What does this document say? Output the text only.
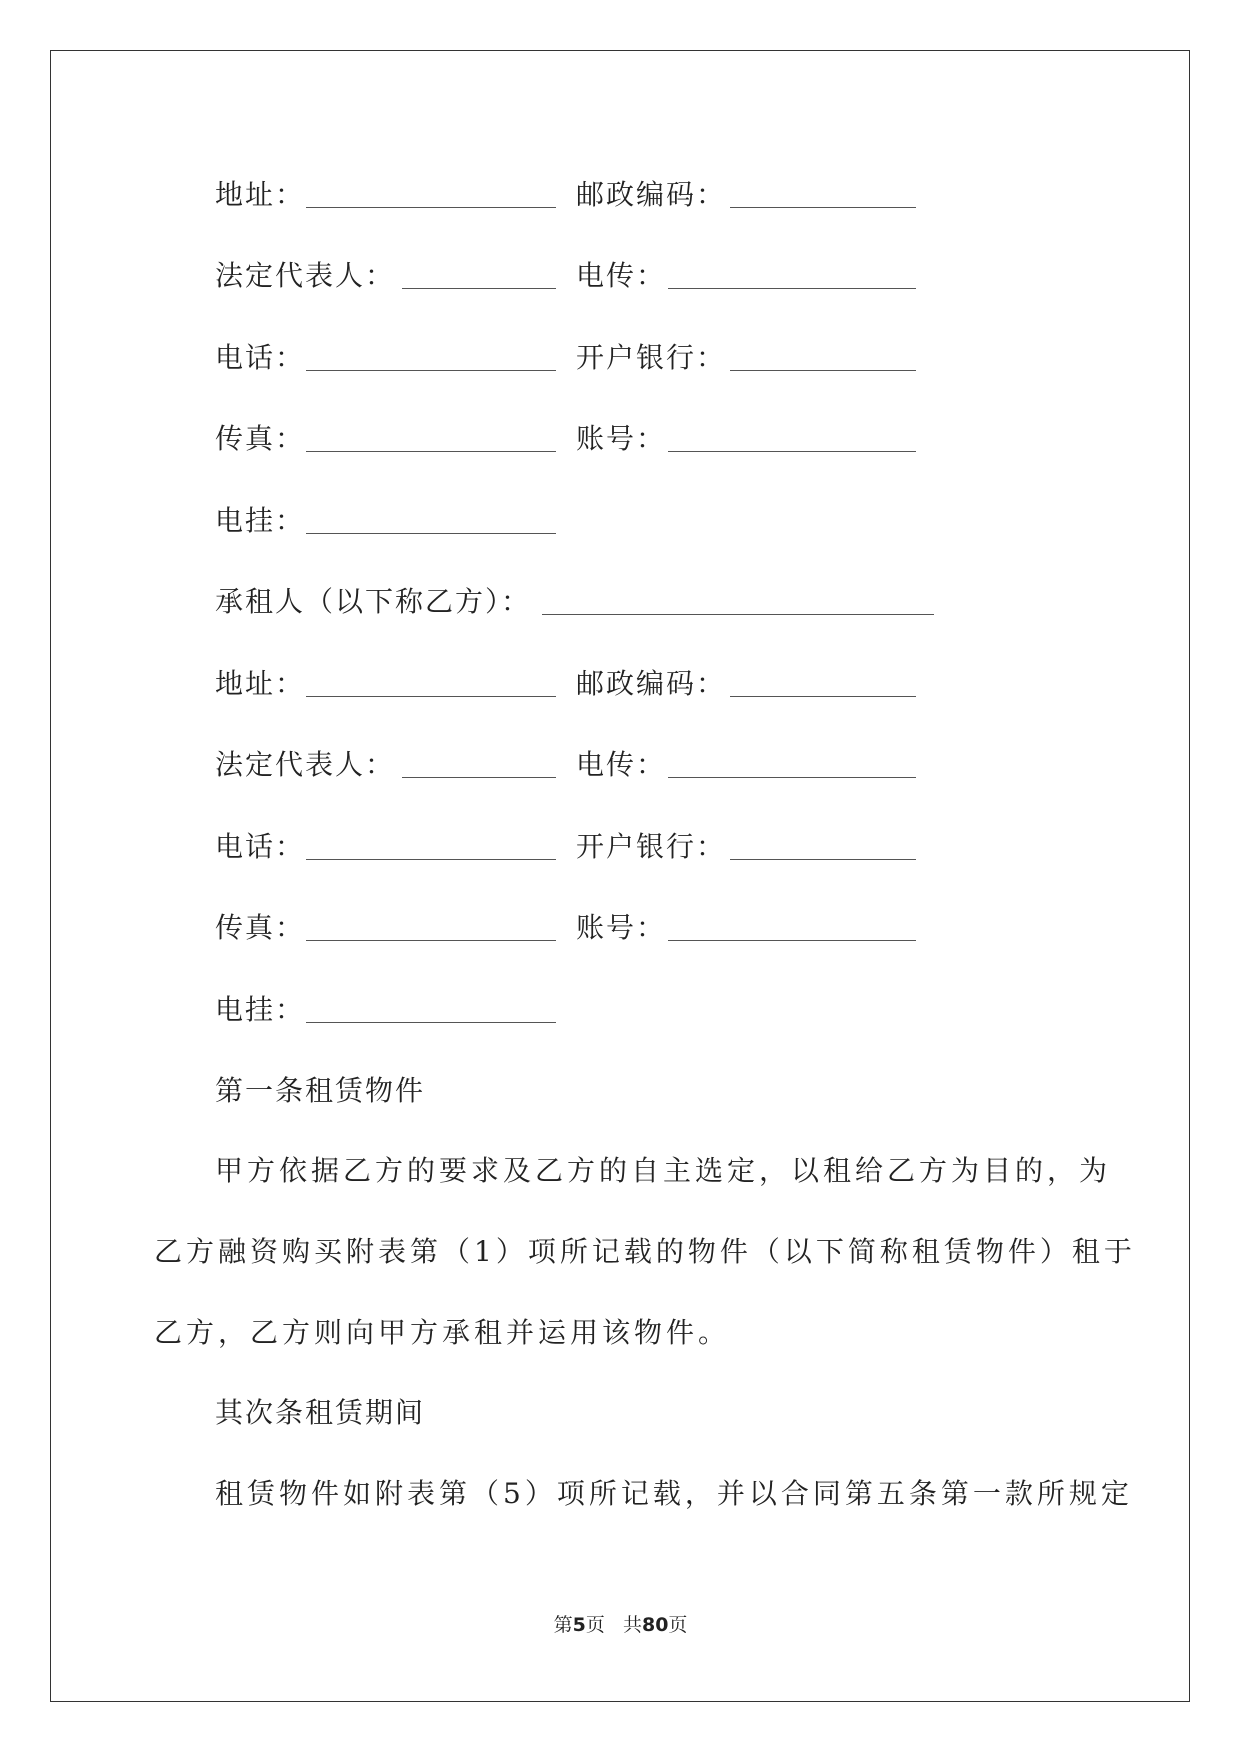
地址：	邮政编码：
法定代表人：	电传：
电话：	开户银行：
传真：	账号：
电挂：
承租人（以下称乙方）：
地址：	邮政编码：
法定代表人：	电传：
电话：	开户银行：
传真：	账号：
电挂：
第一条租赁物件
甲方依据乙方的要求及乙方的自主选定，以租给乙方为目的，为
乙方融资购买附表第（1）项所记载的物件（以下简称租赁物件）租于
乙方，乙方则向甲方承租并运用该物件。
其次条租赁期间
租赁物件如附表第（5）项所记载，并以合同第五条第一款所规定
第5页 共80页
